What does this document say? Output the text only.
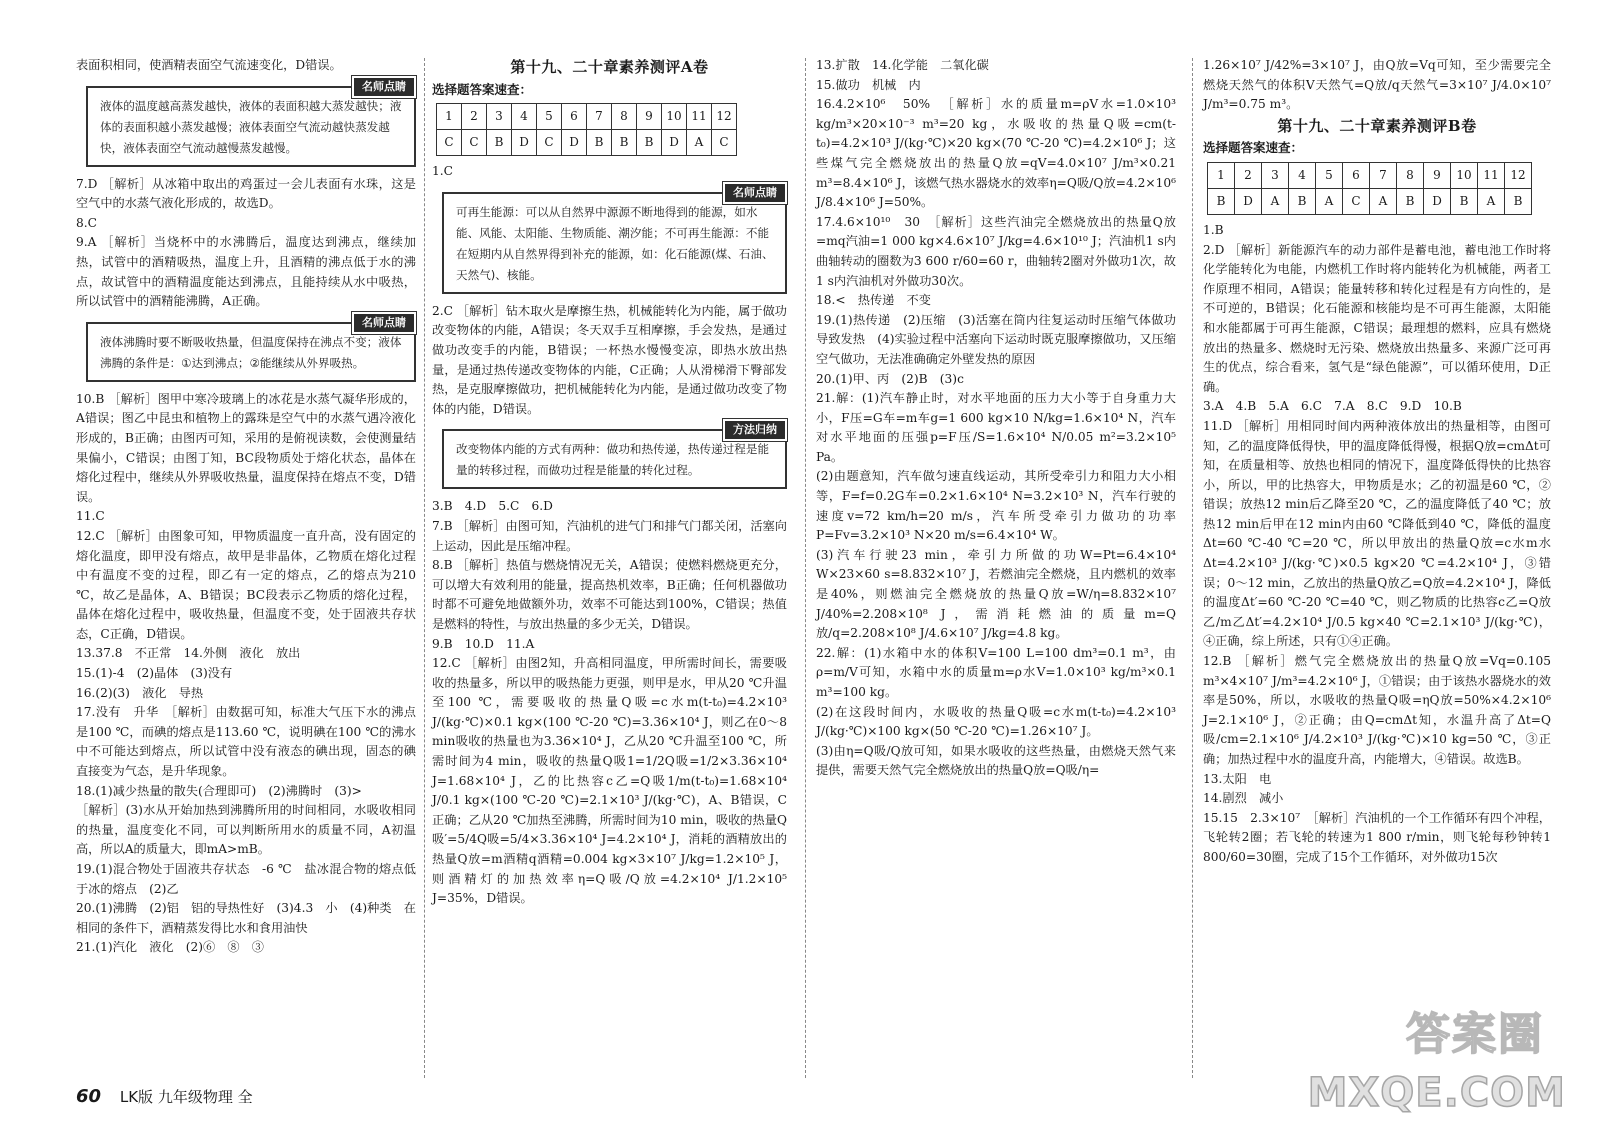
表面积相同，使酒精表面空气流速变化，D错误。

名师点睛
液体的温度越高蒸发越快，液体的表面积越大蒸发越快；液体的表面积越小蒸发越慢；液体表面空气流动越快蒸发越快，液体表面空气流动越慢蒸发越慢。

7.D ［解析］从冰箱中取出的鸡蛋过一会儿表面有水珠，这是空气中的水蒸气液化形成的，故选D。

8.C

9.A ［解析］当烧杯中的水沸腾后，温度达到沸点，继续加热，试管中的酒精吸热，温度上升，且酒精的沸点低于水的沸点，故试管中的酒精温度能达到沸点，且能持续从水中吸热，所以试管中的酒精能沸腾，A正确。

名师点睛
液体沸腾时要不断吸收热量，但温度保持在沸点不变；液体沸腾的条件是：①达到沸点；②能继续从外界吸热。

10.B ［解析］图甲中寒冷玻璃上的冰花是水蒸气凝华形成的，A错误；图乙中昆虫和植物上的露珠是空气中的水蒸气遇冷液化形成的，B正确；由图丙可知，采用的是俯视读数，会使测量结果偏小，C错误；由图丁知，BC段物质处于熔化状态，晶体在熔化过程中，继续从外界吸收热量，温度保持在熔点不变，D错误。

11.C

12.C ［解析］由图象可知，甲物质温度一直升高，没有固定的熔化温度，即甲没有熔点，故甲是非晶体，乙物质在熔化过程中有温度不变的过程，即乙有一定的熔点，乙的熔点为210 ℃，故乙是晶体，A、B错误；BC段表示乙物质的熔化过程，晶体在熔化过程中，吸收热量，但温度不变，处于固液共存状态，C正确，D错误。

13.37.8　不正常　14.外侧　液化　放出

15.(1)-4　(2)晶体　(3)没有

16.(2)(3)　液化　导热

17.没有　升华　［解析］由数据可知，标准大气压下水的沸点是100 ℃，而碘的熔点是113.60 ℃，说明碘在100 ℃的沸水中不可能达到熔点，所以试管中没有液态的碘出现，固态的碘直接变为气态，是升华现象。

18.(1)减少热量的散失(合理即可)　(2)沸腾时　(3)>

［解析］(3)水从开始加热到沸腾所用的时间相同，水吸收相同的热量，温度变化不同，可以判断所用水的质量不同，A初温高，所以A的质量大，即mA>mB。

19.(1)混合物处于固液共存状态　-6 ℃　盐冰混合物的熔点低于冰的熔点　(2)乙

20.(1)沸腾　(2)铝　铝的导热性好　(3)4.3　小　(4)种类　在相同的条件下，酒精蒸发得比水和食用油快

21.(1)汽化　液化　(2)⑥　⑧　③

第十九、二十章素养测评A卷
选择题答案速查：
1	2	3	4	5	6	7	8	9	10	11	12
C	C	B	D	C	D	B	B	B	D	A	C

1.C

名师点睛
可再生能源：可以从自然界中源源不断地得到的能源，如水能、风能、太阳能、生物质能、潮汐能；不可再生能源：不能在短期内从自然界得到补充的能源，如：化石能源(煤、石油、天然气)、核能。

2.C ［解析］钻木取火是摩擦生热，机械能转化为内能，属于做功改变物体的内能，A错误；冬天双手互相摩擦，手会发热，是通过做功改变手的内能，B错误；一杯热水慢慢变凉，即热水放出热量，是通过热传递改变物体的内能，C正确；人从滑梯滑下臀部发热，是克服摩擦做功，把机械能转化为内能，是通过做功改变了物体的内能，D错误。

方法归纳
改变物体内能的方式有两种：做功和热传递，热传递过程是能量的转移过程，而做功过程是能量的转化过程。

3.B　4.D　5.C　6.D

7.B ［解析］由图可知，汽油机的进气门和排气门都关闭，活塞向上运动，因此是压缩冲程。

8.B ［解析］热值与燃烧情况无关，A错误；使燃料燃烧更充分，可以增大有效利用的能量，提高热机效率，B正确；任何机器做功时都不可避免地做额外功，效率不可能达到100%，C错误；热值是燃料的特性，与放出热量的多少无关，D错误。

9.B　10.D　11.A

12.C ［解析］由图2知，升高相同温度，甲所需时间长，需要吸收的热量多，所以甲的吸热能力更强，则甲是水，甲从20 ℃升温至100 ℃，需要吸收的热量Q吸=c水m(t-t₀)=4.2×10³ J/(kg·℃)×0.1 kg×(100 ℃-20 ℃)=3.36×10⁴ J，则乙在0～8 min吸收的热量也为3.36×10⁴ J，乙从20 ℃升温至100 ℃，所需时间为4 min，吸收的热量Q吸1=1/2Q吸=1/2×3.36×10⁴ J=1.68×10⁴ J，乙的比热容c乙=Q吸1/m(t-t₀)=1.68×10⁴ J/0.1 kg×(100 ℃-20 ℃)=2.1×10³ J/(kg·℃)，A、B错误，C正确；乙从20 ℃加热至沸腾，所需时间为10 min，吸收的热量Q吸′=5/4Q吸=5/4×3.36×10⁴ J=4.2×10⁴ J，消耗的酒精放出的热量Q放=m酒精q酒精=0.004 kg×3×10⁷ J/kg=1.2×10⁵ J，则酒精灯的加热效率η=Q吸/Q放=4.2×10⁴ J/1.2×10⁵ J=35%，D错误。

13.扩散　14.化学能　二氧化碳

15.做功　机械　内

16.4.2×10⁶　50%　［解析］水的质量m=ρV水=1.0×10³ kg/m³×20×10⁻³ m³=20 kg，水吸收的热量Q吸=cm(t-t₀)=4.2×10³ J/(kg·℃)×20 kg×(70 ℃-20 ℃)=4.2×10⁶ J；这些煤气完全燃烧放出的热量Q放=qV=4.0×10⁷ J/m³×0.21 m³=8.4×10⁶ J，该燃气热水器烧水的效率η=Q吸/Q放=4.2×10⁶ J/8.4×10⁶ J=50%。

17.4.6×10¹⁰　30　［解析］这些汽油完全燃烧放出的热量Q放=mq汽油=1 000 kg×4.6×10⁷ J/kg=4.6×10¹⁰ J；汽油机1 s内曲轴转动的圈数为3 600 r/60=60 r，曲轴转2圈对外做功1次，故1 s内汽油机对外做功30次。

18.<　热传递　不变

19.(1)热传递　(2)压缩　(3)活塞在筒内往复运动时压缩气体做功导致发热　(4)实验过程中活塞向下运动时既克服摩擦做功，又压缩空气做功，无法准确确定外壁发热的原因

20.(1)甲、丙　(2)B　(3)c

21.解：(1)汽车静止时，对水平地面的压力大小等于自身重力大小，F压=G车=m车g=1 600 kg×10 N/kg=1.6×10⁴ N，汽车对水平地面的压强p=F压/S=1.6×10⁴ N/0.05 m²=3.2×10⁵ Pa。

(2)由题意知，汽车做匀速直线运动，其所受牵引力和阻力大小相等，F=f=0.2G车=0.2×1.6×10⁴ N=3.2×10³ N，汽车行驶的速度v=72 km/h=20 m/s，汽车所受牵引力做功的功率P=Fv=3.2×10³ N×20 m/s=6.4×10⁴ W。

(3)汽车行驶23 min，牵引力所做的功W=Pt=6.4×10⁴ W×23×60 s=8.832×10⁷ J，若燃油完全燃烧，且内燃机的效率是40%，则燃油完全燃烧放的热量Q放=W/η=8.832×10⁷ J/40%=2.208×10⁸ J，需消耗燃油的质量m=Q放/q=2.208×10⁸ J/4.6×10⁷ J/kg=4.8 kg。

22.解：(1)水箱中水的体积V=100 L=100 dm³=0.1 m³，由ρ=m/V可知，水箱中水的质量m=ρ水V=1.0×10³ kg/m³×0.1 m³=100 kg。

(2)在这段时间内，水吸收的热量Q吸=c水m(t-t₀)=4.2×10³ J/(kg·℃)×100 kg×(50 ℃-20 ℃)=1.26×10⁷ J。

(3)由η=Q吸/Q放可知，如果水吸收的这些热量，由燃烧天然气来提供，需要天然气完全燃烧放出的热量Q放=Q吸/η=

1.26×10⁷ J/42%=3×10⁷ J，由Q放=Vq可知，至少需要完全燃烧天然气的体积V天然气=Q放/q天然气=3×10⁷ J/4.0×10⁷ J/m³=0.75 m³。

第十九、二十章素养测评B卷
选择题答案速查：
1	2	3	4	5	6	7	8	9	10	11	12
B	D	A	B	A	C	A	B	D	B	A	B

1.B

2.D ［解析］新能源汽车的动力部件是蓄电池，蓄电池工作时将化学能转化为电能，内燃机工作时将内能转化为机械能，两者工作原理不相同，A错误；能量转移和转化过程是有方向性的，是不可逆的，B错误；化石能源和核能均是不可再生能源，太阳能和水能都属于可再生能源，C错误；最理想的燃料，应具有燃烧放出的热量多、燃烧时无污染、燃烧放出热量多、来源广泛可再生的优点，综合看来，氢气是“绿色能源”，可以循环使用，D正确。

3.A　4.B　5.A　6.C　7.A　8.C　9.D　10.B

11.D ［解析］用相同时间内两种液体放出的热量相等，由图可知，乙的温度降低得快，甲的温度降低得慢，根据Q放=cmΔt可知，在质量相等、放热也相同的情况下，温度降低得快的比热容小，所以，甲的比热容大，甲物质是水；乙的初温是60 ℃，②错误；放热12 min后乙降至20 ℃，乙的温度降低了40 ℃；放热12 min后甲在12 min内由60 ℃降低到40 ℃，降低的温度Δt=60 ℃-40 ℃=20 ℃，所以甲放出的热量Q放=c水m水Δt=4.2×10³ J/(kg·℃)×0.5 kg×20 ℃=4.2×10⁴ J，③错误；0～12 min，乙放出的热量Q放乙=Q放=4.2×10⁴ J，降低的温度Δt′=60 ℃-20 ℃=40 ℃，则乙物质的比热容c乙=Q放乙/m乙Δt′=4.2×10⁴ J/0.5 kg×40 ℃=2.1×10³ J/(kg·℃)，④正确，综上所述，只有①④正确。

12.B ［解析］燃气完全燃烧放出的热量Q放=Vq=0.105 m³×4×10⁷ J/m³=4.2×10⁶ J，①错误；由于该热水器烧水的效率是50%，所以，水吸收的热量Q吸=ηQ放=50%×4.2×10⁶ J=2.1×10⁶ J，②正确；由Q=cmΔt知，水温升高了Δt=Q吸/cm=2.1×10⁶ J/4.2×10³ J/(kg·℃)×10 kg=50 ℃，③正确；加热过程中水的温度升高，内能增大，④错误。故选B。

13.太阳　电

14.剧烈　减小

15.15　2.3×10⁷　［解析］汽油机的一个工作循环有四个冲程，飞轮转2圈；若飞轮的转速为1 800 r/min，则飞轮每秒钟转1 800/60=30圈，完成了15个工作循环，对外做功15次

60 LK版 九年级物理 全
答案圈
MXQE.COM
